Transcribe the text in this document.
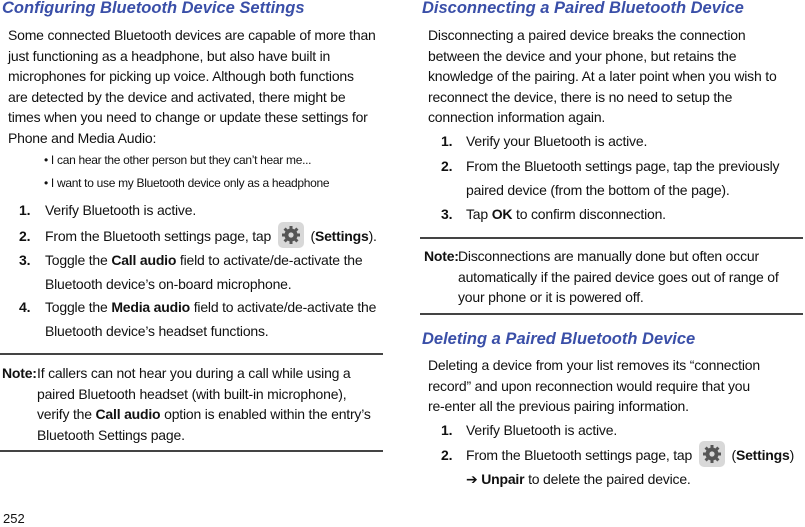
Configuring Bluetooth Device Settings

Some connected Bluetooth devices are capable of more than
just functioning as a headphone, but also have built in
microphones for picking up voice. Although both functions
are detected by the device and activated, there might be
times when you need to change or update these settings for
Phone and Media Audio:

• I can hear the other person but they can’t hear me...
• I want to use my Bluetooth device only as a headphone
1. Verify Bluetooth is active.
2. From the Bluetooth settings page, tap	(Settings).
3. Toggle the Call audio field to activate/de-activate the
Bluetooth device’s on-board microphone.
4. Toggle the Media audio field to activate/de-activate the
Bluetooth device’s headset functions.
Note: If callers can not hear you during a call while using a
paired Bluetooth headset (with built-in microphone),
verify the Call audio option is enabled within the entry’s
Bluetooth Settings page.
Disconnecting a Paired Bluetooth Device

Disconnecting a paired device breaks the connection
between the device and your phone, but retains the
knowledge of the pairing. At a later point when you wish to
reconnect the device, there is no need to setup the
connection information again.

1. Verify your Bluetooth is active.
2. From the Bluetooth settings page, tap the previously
paired device (from the bottom of the page).
3. Tap OK to confirm disconnection.
Note: Disconnections are manually done but often occur
automatically if the paired device goes out of range of
your phone or it is powered off.
Deleting a Paired Bluetooth Device

Deleting a device from your list removes its “connection
record” and upon reconnection would require that you
re-enter all the previous pairing information.

1. Verify Bluetooth is active.
2. From the Bluetooth settings page, tap	(Settings)
➔ Unpair to delete the paired device.
252
